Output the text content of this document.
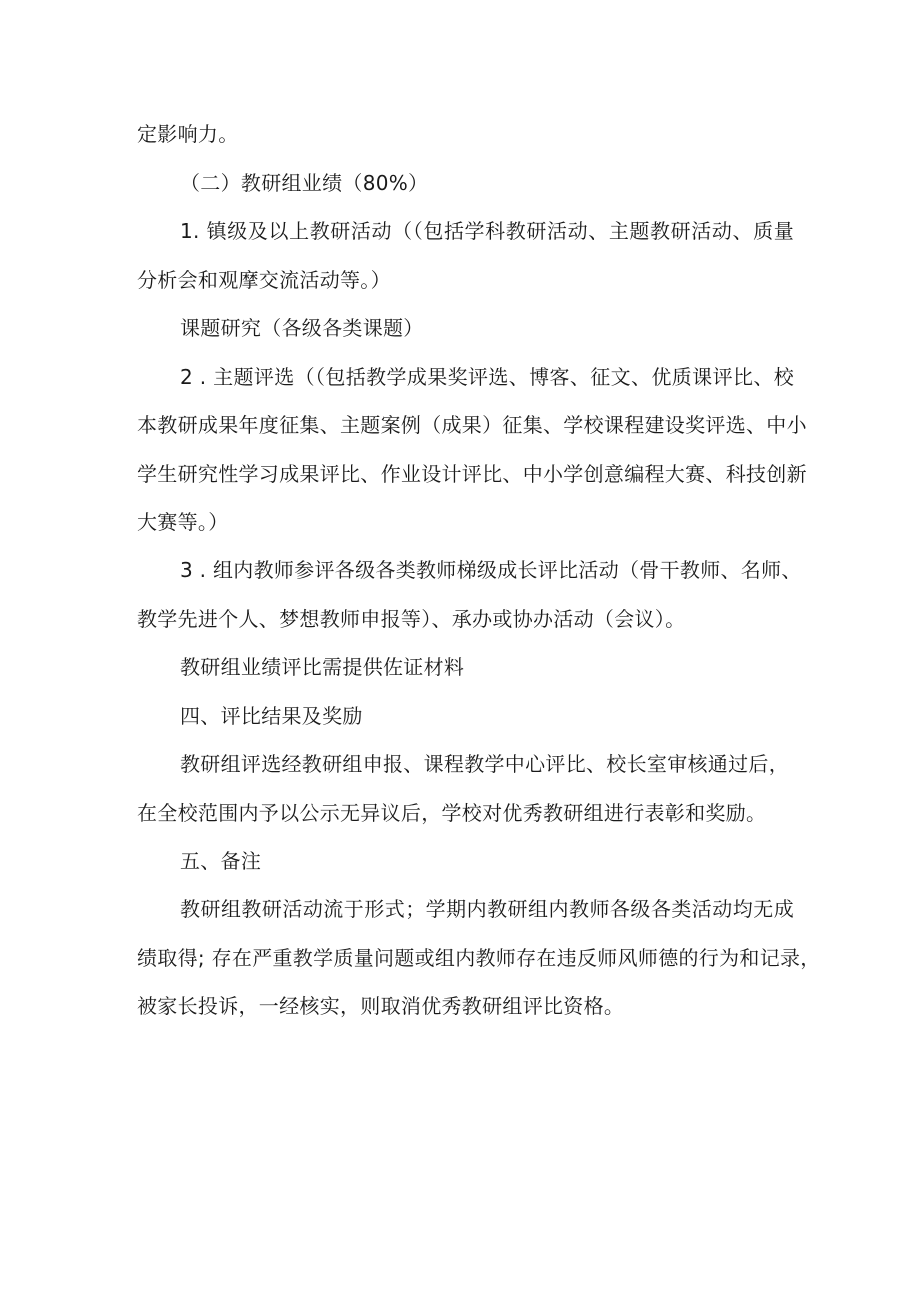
定影响力。
（二）教研组业绩（80%）
1. 镇级及以上教研活动（（包括学科教研活动、主题教研活动、质量
分析会和观摩交流活动等。）
课题研究（各级各类课题）
2 . 主题评选（（包括教学成果奖评选、博客、征文、优质课评比、校
本教研成果年度征集、主题案例（成果）征集、学校课程建设奖评选、中小
学生研究性学习成果评比、作业设计评比、中小学创意编程大赛、科技创新
大赛等。）
3 . 组内教师参评各级各类教师梯级成长评比活动（骨干教师、名师、
教学先进个人、梦想教师申报等）、承办或协办活动（会议）。
教研组业绩评比需提供佐证材料
四、评比结果及奖励
教研组评选经教研组申报、课程教学中心评比、校长室审核通过后，
在全校范围内予以公示无异议后，学校对优秀教研组进行表彰和奖励。
五、备注
教研组教研活动流于形式；学期内教研组内教师各级各类活动均无成
绩取得; 存在严重教学质量问题或组内教师存在违反师风师德的行为和记录，
被家长投诉，一经核实，则取消优秀教研组评比资格。
